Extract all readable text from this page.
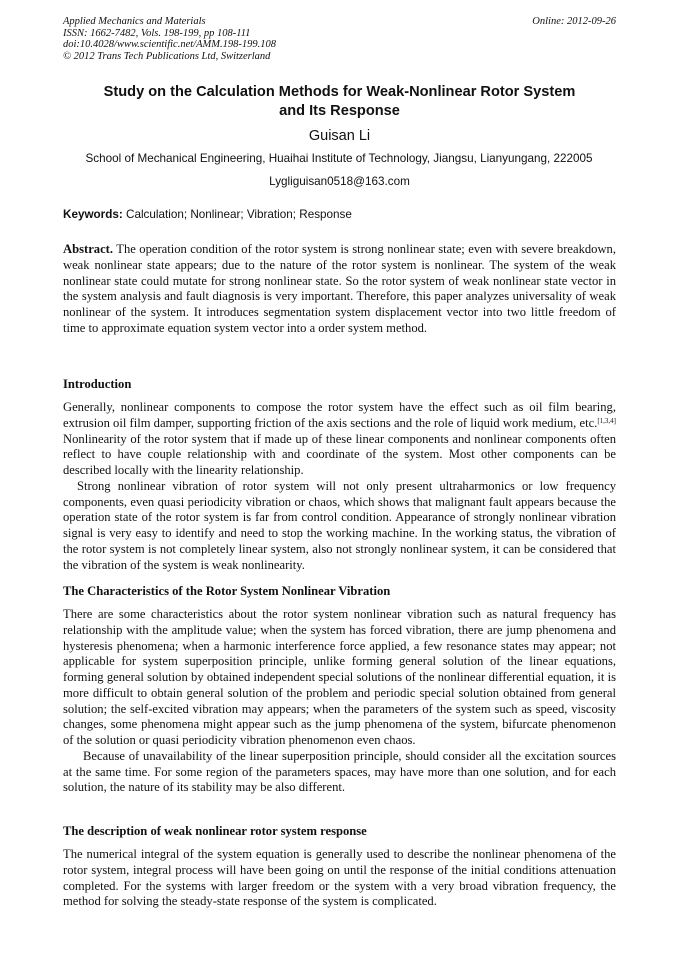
Applied Mechanics and Materials
ISSN: 1662-7482, Vols. 198-199, pp 108-111
doi:10.4028/www.scientific.net/AMM.198-199.108
© 2012 Trans Tech Publications Ltd, Switzerland
Online: 2012-09-26
Study on the Calculation Methods for Weak-Nonlinear Rotor System
and Its Response
Guisan Li
School of Mechanical Engineering, Huaihai Institute of Technology, Jiangsu, Lianyungang, 222005
Lygliguisan0518@163.com
Keywords: Calculation; Nonlinear; Vibration; Response

Abstract. The operation condition of the rotor system is strong nonlinear state; even with severe breakdown, weak nonlinear state appears; due to the nature of the rotor system is nonlinear. The system of the weak nonlinear state could mutate for strong nonlinear state. So the rotor system of weak nonlinear state vector in the system analysis and fault diagnosis is very important. Therefore, this paper analyzes universality of weak nonlinear of the system. It introduces segmentation system displacement vector into two little freedom of time to approximate equation system vector into a order system method.

Introduction

Generally, nonlinear components to compose the rotor system have the effect such as oil film bearing, extrusion oil film damper, supporting friction of the axis sections and the role of liquid work medium, etc.[1,3,4] Nonlinearity of the rotor system that if made up of these linear components and nonlinear components often reflect to have couple relationship with and coordinate of the system. Most other components can be described locally with the linearity relationship.

Strong nonlinear vibration of rotor system will not only present ultraharmonics or low frequency components, even quasi periodicity vibration or chaos, which shows that malignant fault appears because the operation state of the rotor system is far from control condition. Appearance of strongly nonlinear vibration signal is very easy to identify and need to stop the working machine. In the working status, the vibration of the rotor system is not completely linear system, also not strongly nonlinear system, it can be considered that the vibration of the system is weak nonlinearity.

The Characteristics of the Rotor System Nonlinear Vibration

There are some characteristics about the rotor system nonlinear vibration such as natural frequency has relationship with the amplitude value; when the system has forced vibration, there are jump phenomena and hysteresis phenomena; when a harmonic interference force applied, a few resonance states may appear; not applicable for system superposition principle, unlike forming general solution of the linear equations, forming general solution by obtained independent special solutions of the nonlinear differential equation, it is more difficult to obtain general solution of the problem and periodic special solution obtained from general solution; the self-excited vibration may appears; when the parameters of the system such as speed, viscosity changes, some phenomena might appear such as the jump phenomena of the system, bifurcate phenomenon of the solution or quasi periodicity vibration phenomenon even chaos.

Because of unavailability of the linear superposition principle, should consider all the excitation sources at the same time. For some region of the parameters spaces, may have more than one solution, and for each solution, the nature of its stability may be also different.

The description of weak nonlinear rotor system response

The numerical integral of the system equation is generally used to describe the nonlinear phenomena of the rotor system, integral process will have been going on until the response of the initial conditions attenuation completed. For the systems with larger freedom or the system with a very broad vibration frequency, the method for solving the steady-state response of the system is complicated.
